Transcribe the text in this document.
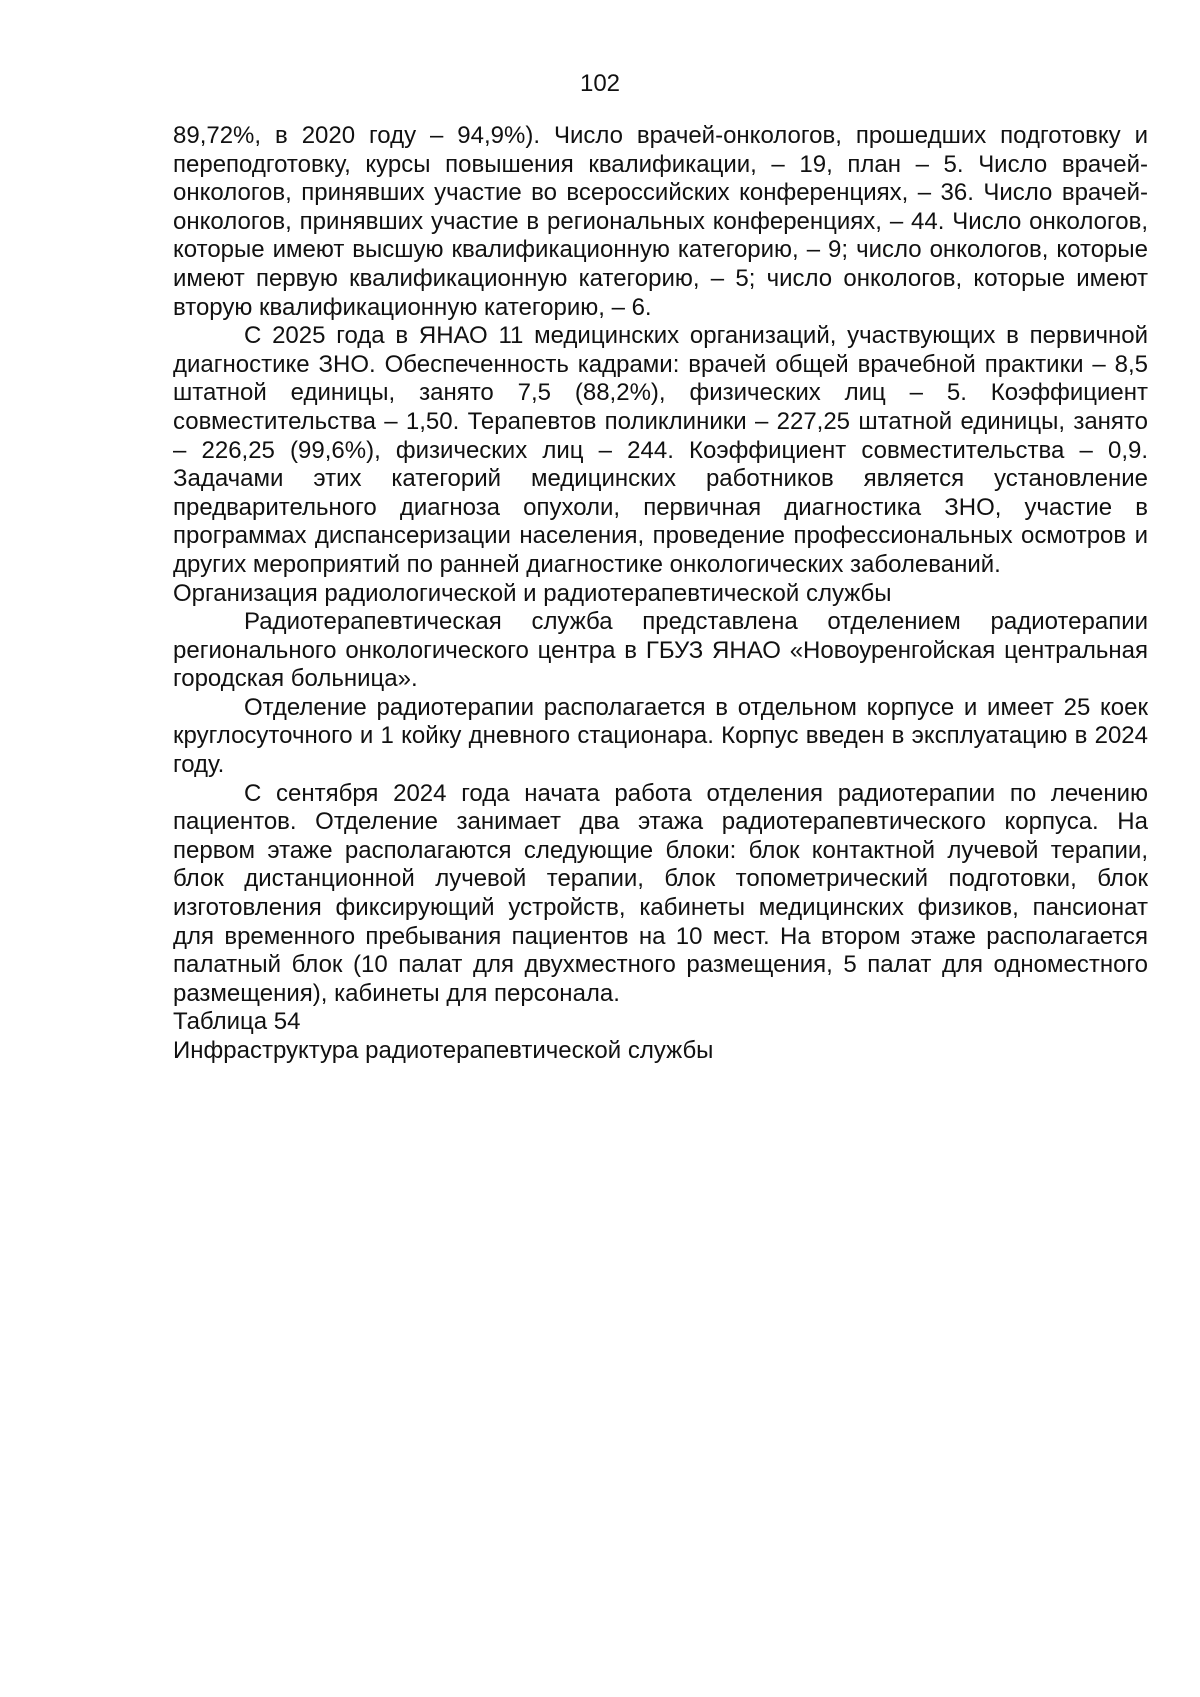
102

89,72%, в 2020 году – 94,9%). Число врачей-онкологов, прошедших подготовку и переподготовку, курсы повышения квалификации, – 19, план – 5. Число врачей-онкологов, принявших участие во всероссийских конференциях, – 36. Число врачей-онкологов, принявших участие в региональных конференциях, – 44. Число онкологов, которые имеют высшую квалификационную категорию, – 9; число онкологов, которые имеют первую квалификационную категорию, – 5; число онкологов, которые имеют вторую квалификационную категорию, – 6.

С 2025 года в ЯНАО 11 медицинских организаций, участвующих в первичной диагностике ЗНО. Обеспеченность кадрами: врачей общей врачебной практики – 8,5 штатной единицы, занято 7,5 (88,2%), физических лиц – 5. Коэффициент совместительства – 1,50. Терапевтов поликлиники – 227,25 штатной единицы, занято – 226,25 (99,6%), физических лиц – 244. Коэффициент совместительства – 0,9. Задачами этих категорий медицинских работников является установление предварительного диагноза опухоли, первичная диагностика ЗНО, участие в программах диспансеризации населения, проведение профессиональных осмотров и других мероприятий по ранней диагностике онкологических заболеваний.

Организация радиологической и радиотерапевтической службы

Радиотерапевтическая служба представлена отделением радиотерапии регионального онкологического центра в ГБУЗ ЯНАО «Новоуренгойская центральная городская больница».

Отделение радиотерапии располагается в отдельном корпусе и имеет 25 коек круглосуточного и 1 койку дневного стационара. Корпус введен в эксплуатацию в 2024 году.

С сентября 2024 года начата работа отделения радиотерапии по лечению пациентов. Отделение занимает два этажа радиотерапевтического корпуса. На первом этаже располагаются следующие блоки: блок контактной лучевой терапии, блок дистанционной лучевой терапии, блок топометрический подготовки, блок изготовления фиксирующий устройств, кабинеты медицинских физиков, пансионат для временного пребывания пациентов на 10 мест. На втором этаже располагается палатный блок (10 палат для двухместного размещения, 5 палат для одноместного размещения), кабинеты для персонала.

Таблица 54

Инфраструктура радиотерапевтической службы
